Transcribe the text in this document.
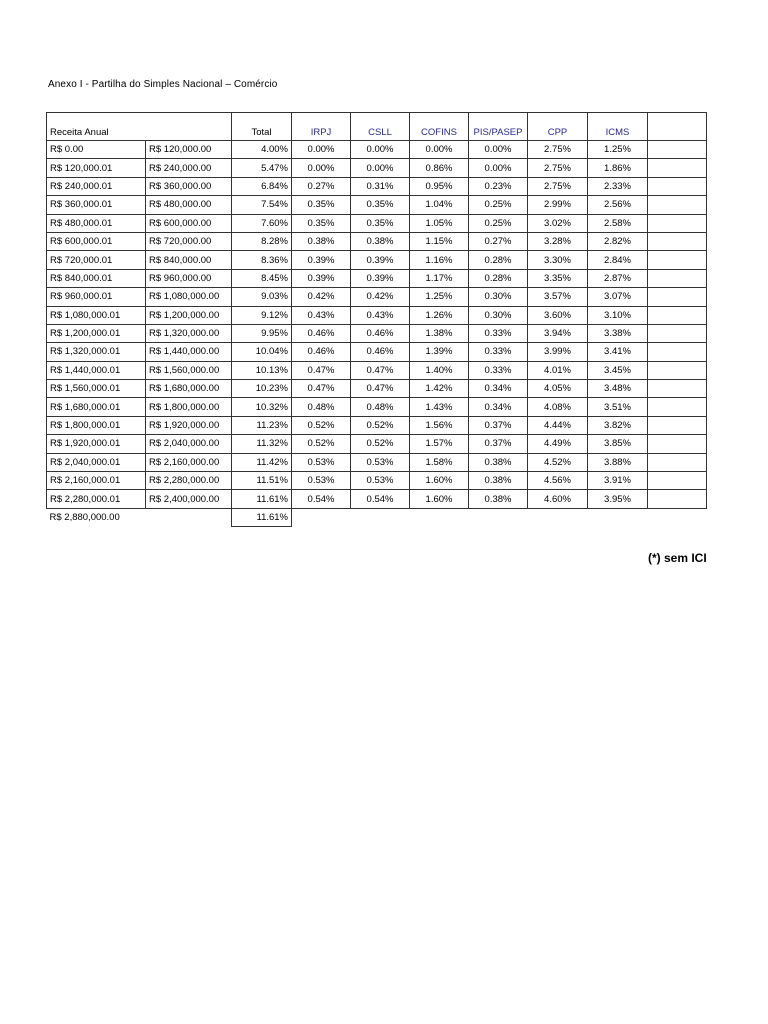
Anexo I - Partilha do Simples Nacional – Comércio
Receita Anual		Total	IRPJ	CSLL	COFINS	PIS/PASEP	CPP	ICMS	
R$ 0.00	R$ 120,000.00	4.00%	0.00%	0.00%	0.00%	0.00%	2.75%	1.25%	
R$ 120,000.01	R$ 240,000.00	5.47%	0.00%	0.00%	0.86%	0.00%	2.75%	1.86%	
R$ 240,000.01	R$ 360,000.00	6.84%	0.27%	0.31%	0.95%	0.23%	2.75%	2.33%	
R$ 360,000.01	R$ 480,000.00	7.54%	0.35%	0.35%	1.04%	0.25%	2.99%	2.56%	
R$ 480,000.01	R$ 600,000.00	7.60%	0.35%	0.35%	1.05%	0.25%	3.02%	2.58%	
R$ 600,000.01	R$ 720,000.00	8.28%	0.38%	0.38%	1.15%	0.27%	3.28%	2.82%	
R$ 720,000.01	R$ 840,000.00	8.36%	0.39%	0.39%	1.16%	0.28%	3.30%	2.84%	
R$ 840,000.01	R$ 960,000.00	8.45%	0.39%	0.39%	1.17%	0.28%	3.35%	2.87%	
R$ 960,000.01	R$ 1,080,000.00	9.03%	0.42%	0.42%	1.25%	0.30%	3.57%	3.07%	
R$ 1,080,000.01	R$ 1,200,000.00	9.12%	0.43%	0.43%	1.26%	0.30%	3.60%	3.10%	
R$ 1,200,000.01	R$ 1,320,000.00	9.95%	0.46%	0.46%	1.38%	0.33%	3.94%	3.38%	
R$ 1,320,000.01	R$ 1,440,000.00	10.04%	0.46%	0.46%	1.39%	0.33%	3.99%	3.41%	
R$ 1,440,000.01	R$ 1,560,000.00	10.13%	0.47%	0.47%	1.40%	0.33%	4.01%	3.45%	
R$ 1,560,000.01	R$ 1,680,000.00	10.23%	0.47%	0.47%	1.42%	0.34%	4.05%	3.48%	
R$ 1,680,000.01	R$ 1,800,000.00	10.32%	0.48%	0.48%	1.43%	0.34%	4.08%	3.51%	
R$ 1,800,000.01	R$ 1,920,000.00	11.23%	0.52%	0.52%	1.56%	0.37%	4.44%	3.82%	
R$ 1,920,000.01	R$ 2,040,000.00	11.32%	0.52%	0.52%	1.57%	0.37%	4.49%	3.85%	
R$ 2,040,000.01	R$ 2,160,000.00	11.42%	0.53%	0.53%	1.58%	0.38%	4.52%	3.88%	
R$ 2,160,000.01	R$ 2,280,000.00	11.51%	0.53%	0.53%	1.60%	0.38%	4.56%	3.91%	
R$ 2,280,000.01	R$ 2,400,000.00	11.61%	0.54%	0.54%	1.60%	0.38%	4.60%	3.95%	
R$ 2,880,000.00		11.61%							
(*) sem ICI
